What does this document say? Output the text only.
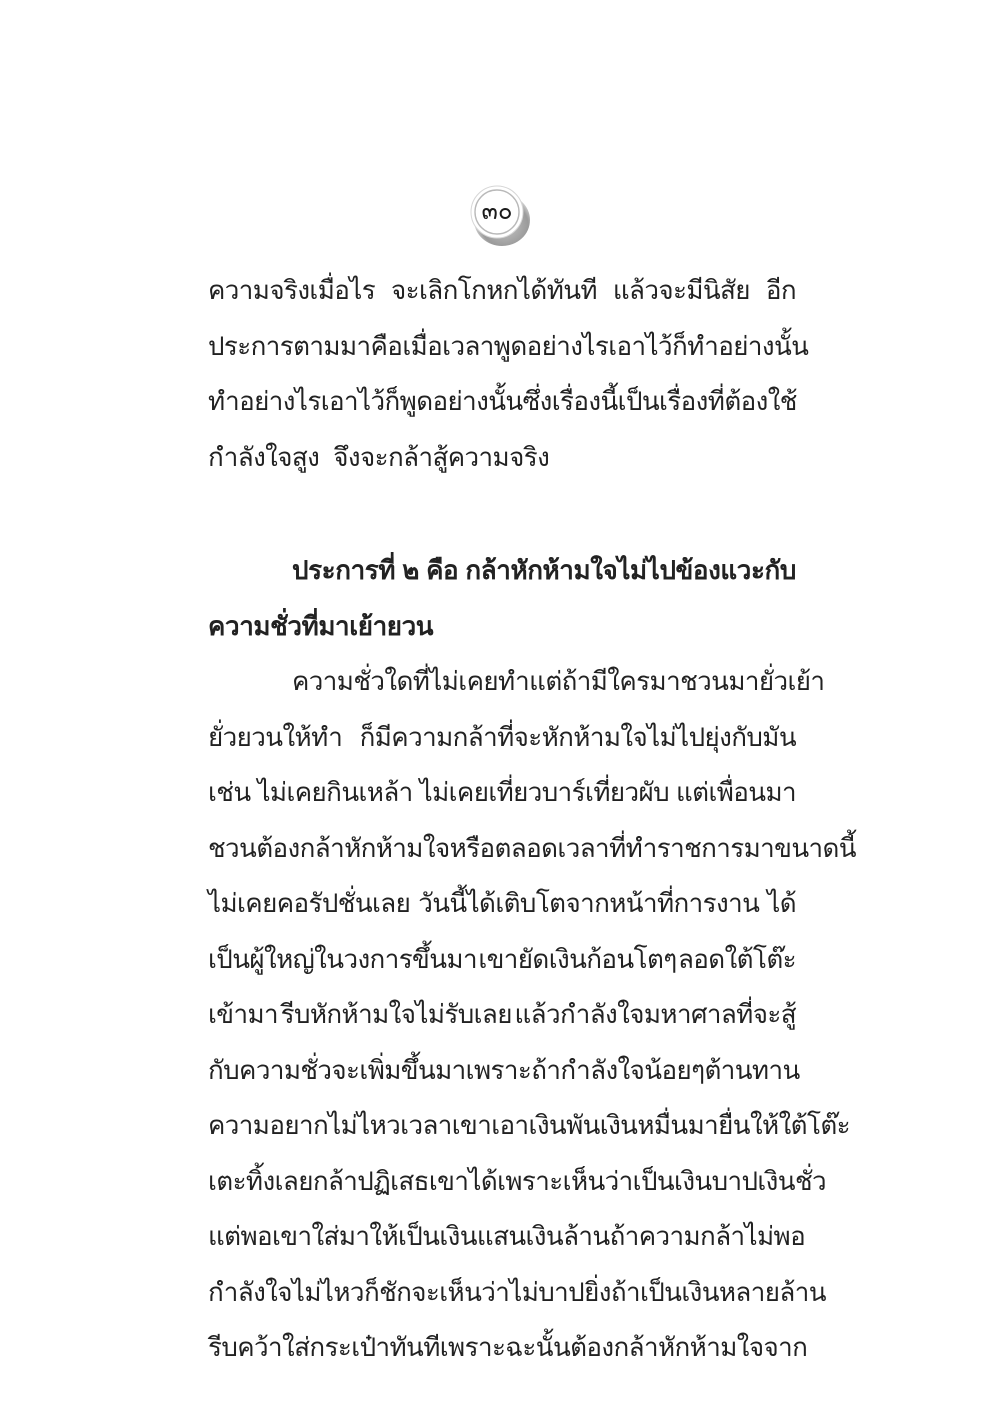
๓๐
ความจริงเมื่อไร จะเลิกโกหกได้ทันที แล้วจะมีนิสัย อีก
ประการตามมา คือเมื่อเวลาพูดอย่างไรเอาไว้ ก็ทำอย่างนั้น
ทำอย่างไรเอาไว้ ก็พูดอย่างนั้น ซึ่งเรื่องนี้เป็นเรื่องที่ต้องใช้
กำลังใจสูง จึงจะกล้าสู้ความจริง
ประการที่ ๒ คือ กล้าหักห้ามใจไม่ไปข้องแวะกับ
ความชั่วที่มาเย้ายวน
ความชั่วใดที่ไม่เคยทำ แต่ถ้ามีใครมาชวน มายั่วเย้า
ยั่วยวนให้ทำ ก็มีความกล้าที่จะหักห้ามใจไม่ไปยุ่งกับมัน
เช่น ไม่เคยกินเหล้า ไม่เคยเที่ยวบาร์เที่ยวผับ แต่เพื่อนมา
ชวนต้องกล้าหักห้ามใจ หรือตลอดเวลาที่ทำราชการมาขนาดนี้
ไม่เคยคอรัปชั่นเลย วันนี้ได้เติบโตจากหน้าที่การงาน ได้
เป็นผู้ใหญ่ในวงการขึ้นมา เขายัดเงินก้อนโตๆ ลอดใต้โต๊ะ
เข้ามา รีบหักห้ามใจไม่รับเลย แล้วกำลังใจมหาศาลที่จะสู้
กับความชั่วจะเพิ่มขึ้นมา เพราะถ้ากำลังใจน้อยๆ ต้านทาน
ความอยากไม่ไหว เวลาเขาเอาเงินพันเงินหมื่นมายื่นให้ใต้โต๊ะ
เตะทิ้งเลย กล้าปฏิเสธเขาได้ เพราะเห็นว่าเป็นเงินบาป เงินชั่ว
แต่พอเขาใส่มาให้เป็นเงินแสนเงินล้าน ถ้าความกล้าไม่พอ
กำลังใจไม่ไหว ก็ชักจะเห็นว่าไม่บาป ยิ่งถ้าเป็นเงินหลายล้าน
รีบคว้าใส่กระเป๋าทันที เพราะฉะนั้นต้องกล้าหักห้ามใจจาก
